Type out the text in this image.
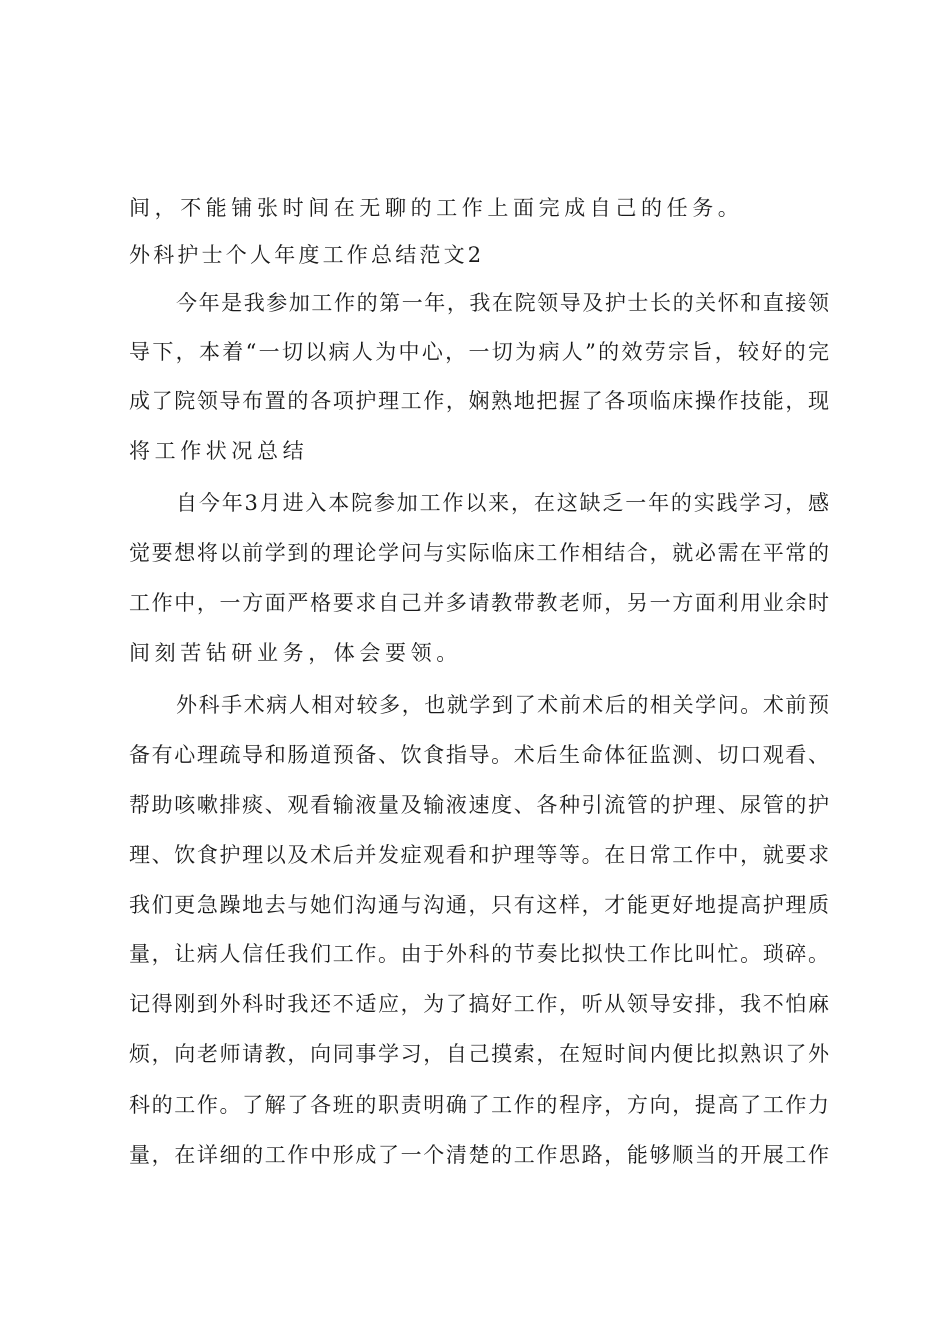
间，不能铺张时间在无聊的工作上面完成自己的任务。

外科护士个人年度工作总结范文2

今年是我参加工作的第一年，我在院领导及护士长的关怀和直接领

导下，本着“一切以病人为中心，一切为病人”的效劳宗旨，较好的完

成了院领导布置的各项护理工作，娴熟地把握了各项临床操作技能，现

将工作状况总结

自今年3月进入本院参加工作以来，在这缺乏一年的实践学习，感

觉要想将以前学到的理论学问与实际临床工作相结合，就必需在平常的

工作中，一方面严格要求自己并多请教带教老师，另一方面利用业余时

间刻苦钻研业务，体会要领。

外科手术病人相对较多，也就学到了术前术后的相关学问。术前预

备有心理疏导和肠道预备、饮食指导。术后生命体征监测、切口观看、

帮助咳嗽排痰、观看输液量及输液速度、各种引流管的护理、尿管的护

理、饮食护理以及术后并发症观看和护理等等。在日常工作中，就要求

我们更急躁地去与她们沟通与沟通，只有这样，才能更好地提高护理质

量，让病人信任我们工作。由于外科的节奏比拟快工作比叫忙。琐碎。

记得刚到外科时我还不适应，为了搞好工作，听从领导安排，我不怕麻

烦，向老师请教，向同事学习，自己摸索，在短时间内便比拟熟识了外

科的工作。了解了各班的职责明确了工作的程序，方向，提高了工作力

量，在详细的工作中形成了一个清楚的工作思路，能够顺当的开展工作
